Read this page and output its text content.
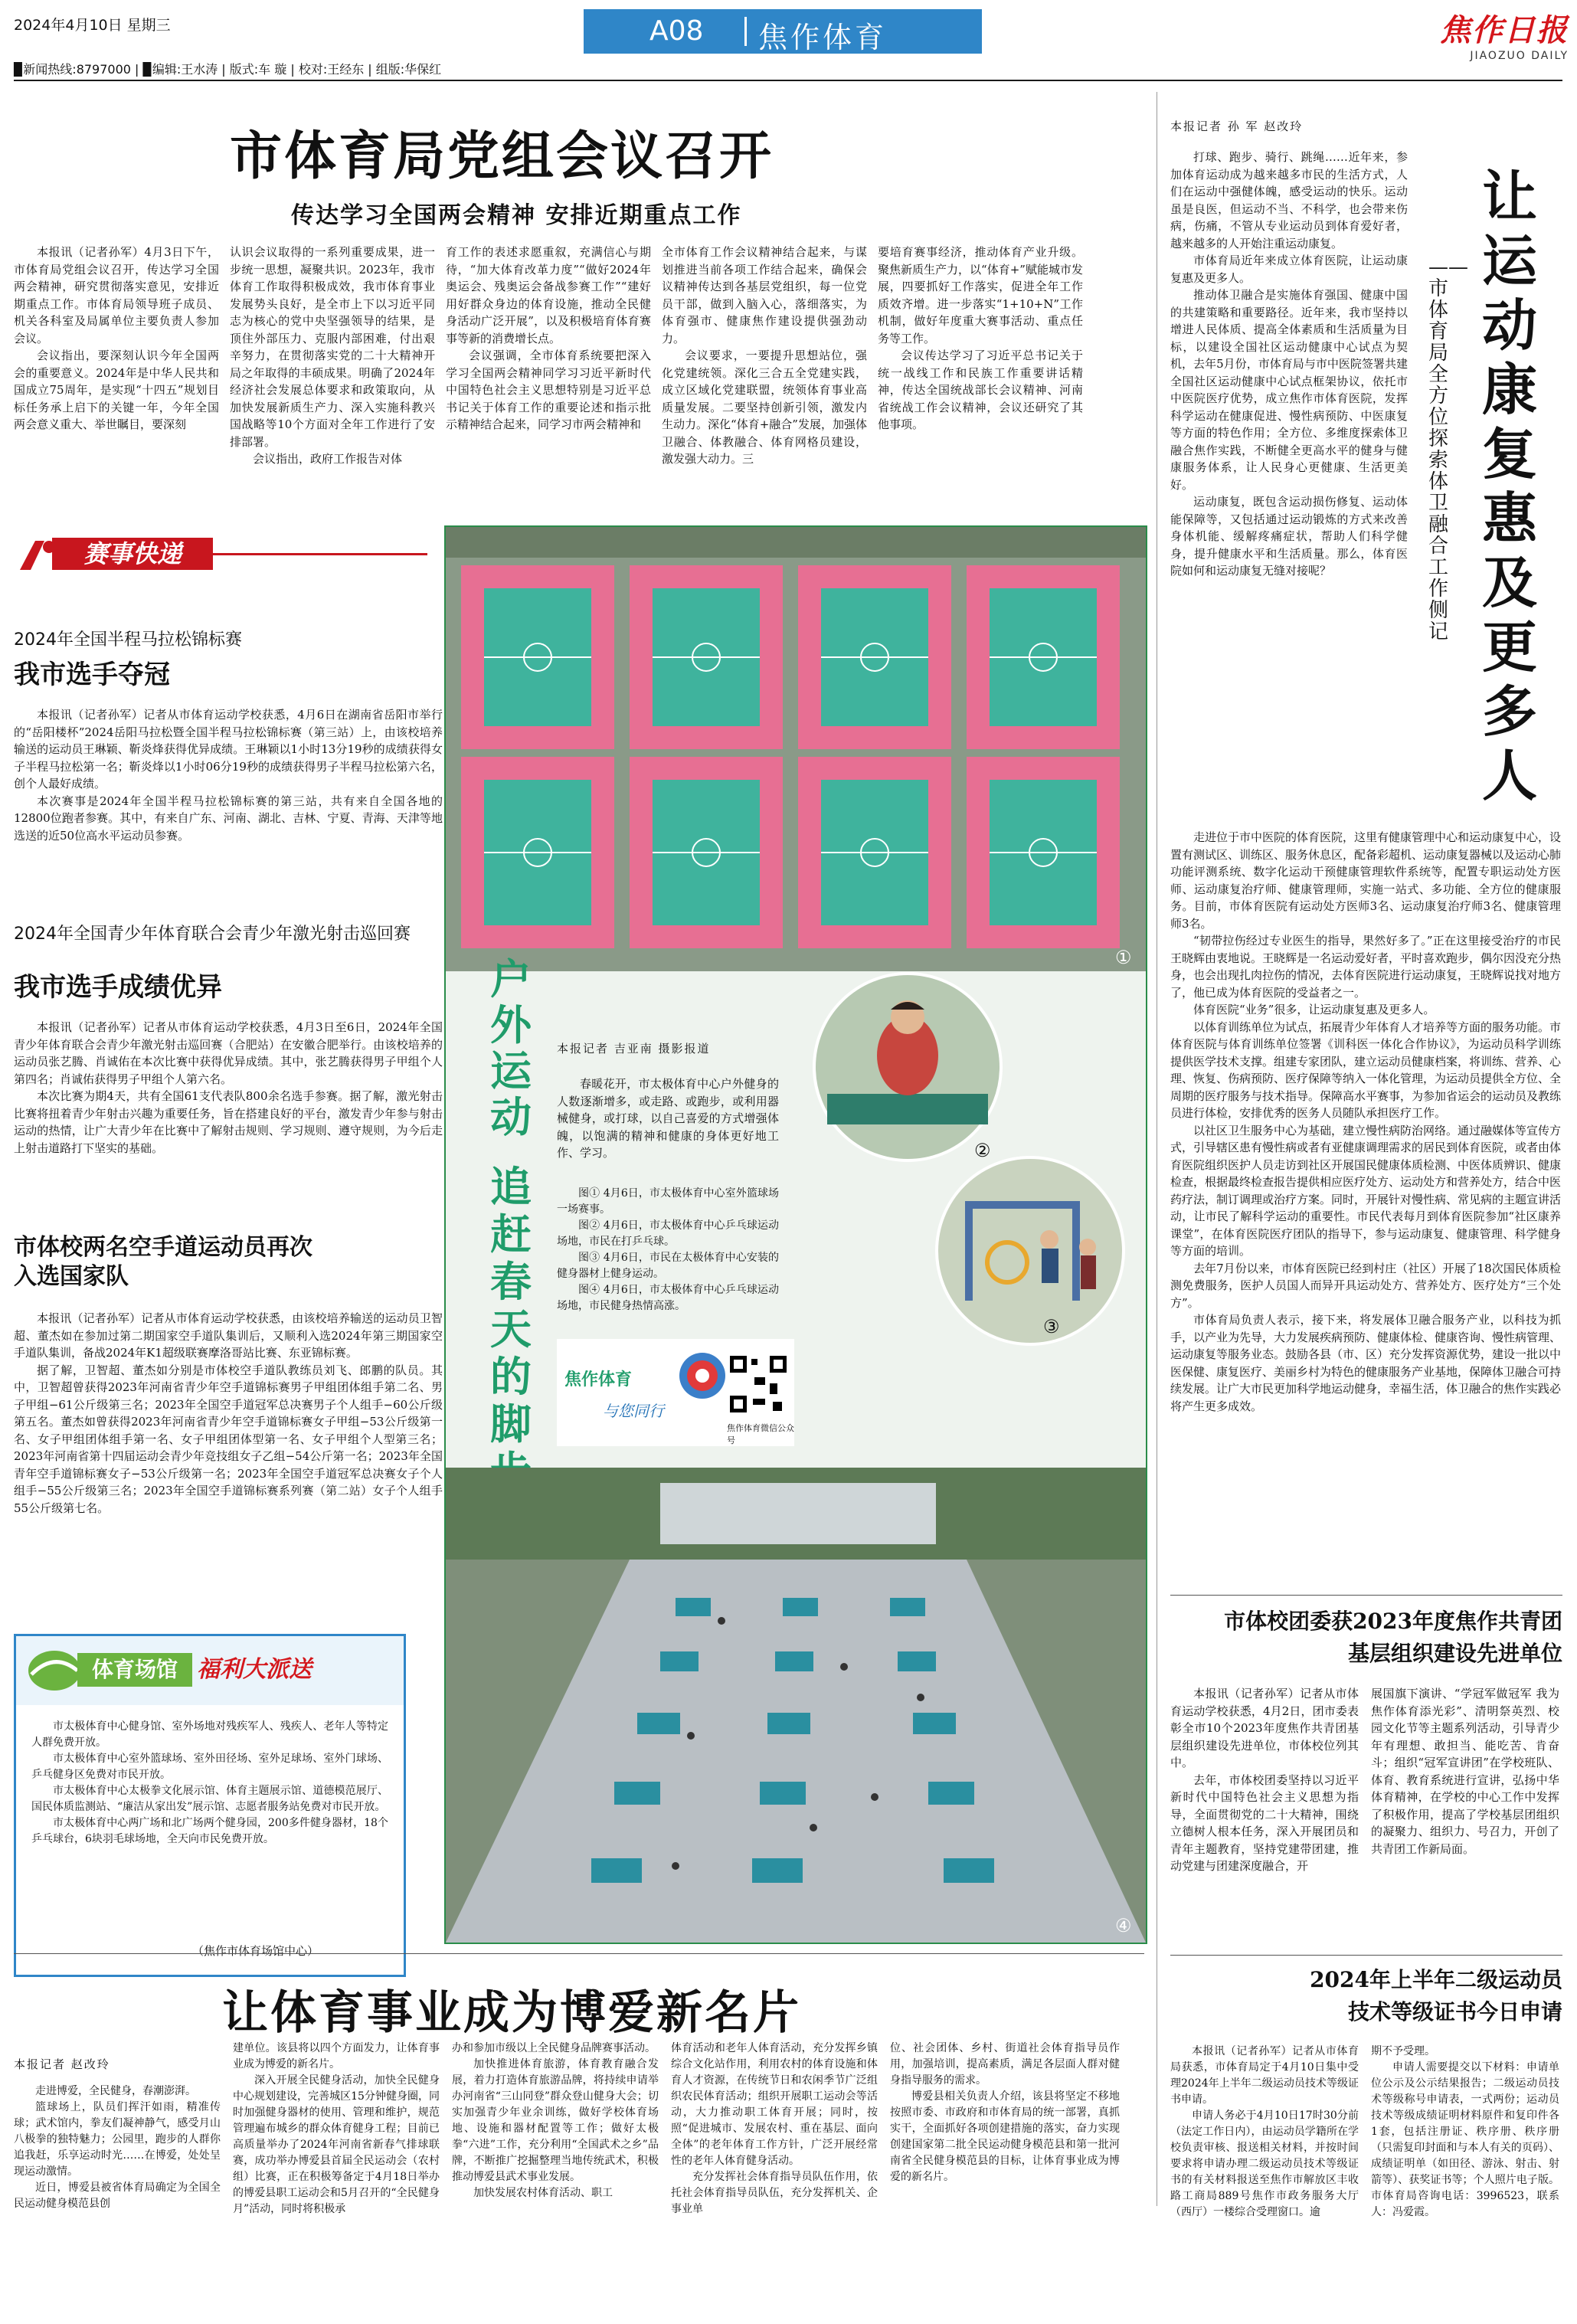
2024年4月10日 星期三	A08 焦作体育	焦作日报
JIAOZUO DAILY
▉新闻热线:8797000 | ▉编辑:王水涛 | 版式:车 璇 | 校对:王经东 | 组版:华保红
市体育局党组会议召开
传达学习全国两会精神 安排近期重点工作

本报讯（记者孙军）4月3日下午，市体育局党组会议召开，传达学习全国两会精神，研究贯彻落实意见，安排近期重点工作。市体育局领导班子成员、机关各科室及局属单位主要负责人参加会议。

会议指出，要深刻认识今年全国两会的重要意义。2024年是中华人民共和国成立75周年，是实现“十四五”规划目标任务承上启下的关键一年，今年全国两会意义重大、举世瞩目，要深刻

认识会议取得的一系列重要成果，进一步统一思想，凝聚共识。2023年，我市体育工作取得积极成效，我市体育事业发展势头良好，是全市上下以习近平同志为核心的党中央坚强领导的结果，是顶住外部压力、克服内部困难，付出艰辛努力，在贯彻落实党的二十大精神开局之年取得的丰硕成果。明确了2024年经济社会发展总体要求和政策取向，从加快发展新质生产力、深入实施科教兴国战略等10个方面对全年工作进行了安排部署。

会议指出，政府工作报告对体

育工作的表述求愿重叙，充满信心与期待，“加大体育改革力度”“做好2024年奥运会、残奥运会备战参赛工作”“建好用好群众身边的体育设施，推动全民健身活动广泛开展”，以及积极培育体育赛事等新的消费增长点。

会议强调，全市体育系统要把深入学习全国两会精神同学习习近平新时代中国特色社会主义思想特别是习近平总书记关于体育工作的重要论述和指示批示精神结合起来，同学习市两会精神和

全市体育工作会议精神结合起来，与谋划推进当前各项工作结合起来，确保会议精神传达到各基层党组织，每一位党员干部，做到入脑入心，落细落实，为体育强市、健康焦作建设提供强劲动力。

会议要求，一要提升思想站位，强化党建统领。深化三合五全党建实践，成立区域化党建联盟，统领体育事业高质量发展。二要坚持创新引领，激发内生动力。深化“体育+融合”发展，加强体卫融合、体教融合、体育网格员建设，激发强大动力。三

要培育赛事经济，推动体育产业升级。聚焦新质生产力，以“体育+”赋能城市发展，四要抓好工作落实，促进全年工作质效齐增。进一步落实“1+10+N”工作机制，做好年度重大赛事活动、重点任务等工作。

会议传达学习了习近平总书记关于统一战线工作和民族工作重要讲话精神，传达全国统战部长会议精神、河南省统战工作会议精神，会议还研究了其他事项。

赛事快递
2024年全国半程马拉松锦标赛
我市选手夺冠

本报讯（记者孙军）记者从市体育运动学校获悉，4月6日在湖南省岳阳市举行的“岳阳楼杯”2024岳阳马拉松暨全国半程马拉松锦标赛（第三站）上，由该校培养输送的运动员王琳颖、靳炎烽获得优异成绩。王琳颖以1小时13分19秒的成绩获得女子半程马拉松第一名；靳炎烽以1小时06分19秒的成绩获得男子半程马拉松第六名，创个人最好成绩。

本次赛事是2024年全国半程马拉松锦标赛的第三站，共有来自全国各地的12800位跑者参赛。其中，有来自广东、河南、湖北、吉林、宁夏、青海、天津等地选送的近50位高水平运动员参赛。

2024年全国青少年体育联合会青少年激光射击巡回赛
我市选手成绩优异

本报讯（记者孙军）记者从市体育运动学校获悉，4月3日至6日，2024年全国青少年体育联合会青少年激光射击巡回赛（合肥站）在安徽合肥举行。由该校培养的运动员张艺腾、肖诚佑在本次比赛中获得优异成绩。其中，张艺腾获得男子甲组个人第四名；肖诚佑获得男子甲组个人第六名。

本次比赛为期4天，共有全国61支代表队800余名选手参赛。据了解，激光射击比赛将扭着青少年射击兴趣为重要任务，旨在搭建良好的平台，激发青少年参与射击运动的热情，让广大青少年在比赛中了解射击规则、学习规则、遵守规则，为今后走上射击道路打下坚实的基础。

市体校两名空手道运动员再次入选国家队

本报讯（记者孙军）记者从市体育运动学校获悉，由该校培养输送的运动员卫智超、董杰如在参加过第二期国家空手道队集训后，又顺利入选2024年第三期国家空手道队集训，备战2024年K1超级联赛摩洛哥站比赛、东亚锦标赛。

据了解，卫智超、董杰如分别是市体校空手道队教练员刘飞、郎鹏的队员。其中，卫智超曾获得2023年河南省青少年空手道锦标赛男子甲组团体组手第二名、男子甲组−61公斤级第三名；2023年全国空手道冠军总决赛男子个人组手−60公斤级第五名。董杰如曾获得2023年河南省青少年空手道锦标赛女子甲组−53公斤级第一名、女子甲组团体组手第一名、女子甲组团体型第一名、女子甲组个人型第三名；2023年河南省第十四届运动会青少年竞技组女子乙组−54公斤第一名；2023年全国青年空手道锦标赛女子−53公斤级第一名；2023年全国空手道冠军总决赛女子个人组手−55公斤级第三名；2023年全国空手道锦标赛系列赛（第二站）女子个人组手55公斤级第七名。

体育场馆 福利大派送

市太极体育中心健身馆、室外场地对残疾军人、残疾人、老年人等特定人群免费开放。

市太极体育中心室外篮球场、室外田径场、室外足球场、室外门球场、乒乓健身区免费对市民开放。

市太极体育中心太极拳文化展示馆、体育主题展示馆、道德模范展厅、国民体质监测站、“廉洁从家出发”展示馆、志愿者服务站免费对市民开放。

市太极体育中心两广场和北广场两个健身园，200多件健身器材，18个乒乓球台，6块羽毛球场地，全天向市民免费开放。

（焦作市体育场馆中心）
①
户外运动
追赶春天的脚
本报记者 吉亚南 摄影报道

春暖花开，市太极体育中心户外健身的人数逐渐增多，或走路、或跑步，或利用器械健身，或打球，以自己喜爱的方式增强体魄，以饱满的精神和健康的身体更好地工作、学习。

图① 4月6日，市太极体育中心室外篮球场一场赛事。

图② 4月6日，市太极体育中心乒乓球运动场地，市民在打乒乓球。

图③ 4月6日，市民在太极体育中心安装的健身器材上健身运动。

图④ 4月6日，市太极体育中心乒乓球运动场地，市民健身热情高涨。

焦作体育
与您同行
焦作体育微信公众号
②
③
④
本报记者 孙 军 赵改玲
让运动康复惠及更多人
——市体育局全方位探索体卫融合工作侧记

打球、跑步、骑行、跳绳……近年来，参加体育运动成为越来越多市民的生活方式，人们在运动中强健体魄，感受运动的快乐。运动虽是良医，但运动不当、不科学，也会带来伤病，伤痛，不管从专业运动员到体育爱好者，越来越多的人开始注重运动康复。

市体育局近年来成立体育医院，让运动康复惠及更多人。

推动体卫融合是实施体育强国、健康中国的共建策略和重要路径。近年来，我市坚持以增进人民体质、提高全体素质和生活质量为目标，以建设全国社区运动健康中心试点为契机，去年5月份，市体育局与市中医院签署共建全国社区运动健康中心试点框架协议，依托市中医院医疗优势，成立焦作市体育医院，发挥科学运动在健康促进、慢性病预防、中医康复等方面的特色作用；全方位、多维度探索体卫融合焦作实践，不断健全更高水平的健身与健康服务体系，让人民身心更健康、生活更美好。

运动康复，既包含运动损伤修复、运动体能保障等，又包括通过运动锻炼的方式来改善身体机能、缓解疼痛症状，帮助人们科学健身，提升健康水平和生活质量。那么，体育医院如何和运动康复无缝对接呢？

走进位于市中医院的体育医院，这里有健康管理中心和运动康复中心，设置有测试区、训练区、服务休息区，配备彩超机、运动康复器械以及运动心肺功能评测系统、数字化运动干预健康管理软件系统等，配置专职运动处方医师、运动康复治疗师、健康管理师，实施一站式、多功能、全方位的健康服务。目前，市体育医院有运动处方医师3名、运动康复治疗师3名、健康管理师3名。

“韧带拉伤经过专业医生的指导，果然好多了。”正在这里接受治疗的市民王晓辉由衷地说。王晓辉是一名运动爱好者，平时喜欢跑步，偶尔因没充分热身，也会出现扎肉拉伤的情况，去体育医院进行运动康复，王晓辉说找对地方了，他已成为体育医院的受益者之一。

体育医院“业务”很多，让运动康复惠及更多人。

以体育训练单位为试点，拓展青少年体育人才培养等方面的服务功能。市体育医院与体育训练单位签署《训科医一体化合作协议》，为运动员科学训练提供医学技术支撑。组建专家团队，建立运动员健康档案，将训练、营养、心理、恢复、伤病预防、医疗保障等纳入一体化管理，为运动员提供全方位、全周期的医疗服务与技术指导。保障高水平赛事，为参加省运会的运动员及教练员进行体检，安排优秀的医务人员随队承担医疗工作。

以社区卫生服务中心为基础，建立慢性病防治网络。通过融媒体等宣传方式，引导辖区患有慢性病或者有亚健康调理需求的居民到体育医院，或者由体育医院组织医护人员走访到社区开展国民健康体质检测、中医体质辨识、健康检查，根据最终检查报告提供相应医疗处方、运动处方和营养处方，结合中医药疗法，制订调理或治疗方案。同时，开展针对慢性病、常见病的主题宣讲活动，让市民了解科学运动的重要性。市民代表每月到体育医院参加“社区康养课堂”，在体育医院医疗团队的指导下，参与运动康复、健康管理、科学健身等方面的培训。

去年7月份以来，市体育医院已经到村庄（社区）开展了18次国民体质检测免费服务，医护人员国人而异开具运动处方、营养处方、医疗处方“三个处方”。

市体育局负责人表示，接下来，将发展体卫融合服务产业，以科技为抓手，以产业为先导，大力发展疾病预防、健康体检、健康咨询、慢性病管理、运动康复等服务业态。鼓励各县（市、区）充分发挥资源优势，建设一批以中医保健、康复医疗、美丽乡村为特色的健康服务产业基地，保障体卫融合可持续发展。让广大市民更加科学地运动健身，幸福生活，体卫融合的焦作实践必将产生更多成效。

市体校团委获2023年度焦作共青团
基层组织建设先进单位

本报讯（记者孙军）记者从市体育运动学校获悉，4月2日，团市委表彰全市10个2023年度焦作共青团基层组织建设先进单位，市体校位列其中。

去年，市体校团委坚持以习近平新时代中国特色社会主义思想为指导，全面贯彻党的二十大精神，围绕立德树人根本任务，深入开展团员和青年主题教育，坚持党建带团建，推动党建与团建深度融合，开

展国旗下演讲、“学冠军做冠军 我为焦作体育添光彩”、清明祭英烈、校园文化节等主题系列活动，引导青少年有理想、敢担当、能吃苦、肯奋斗；组织“冠军宣讲团”在学校班队、体育、教育系统进行宣讲，弘扬中华体育精神，在学校的中心工作中发挥了积极作用，提高了学校基层团组织的凝聚力、组织力、号召力，开创了共青团工作新局面。

2024年上半年二级运动员
技术等级证书今日申请

本报讯（记者孙军）记者从市体育局获悉，市体育局定于4月10日集中受理2024年上半年二级运动员技术等级证书申请。

申请人务必于4月10日17时30分前（法定工作日内），由运动员学籍所在学校负责审核、报送相关材料，并按时间要求将申请办理二级运动员技术等级证书的有关材料报送至焦作市解放区丰收路工商局889号焦作市政务服务大厅（西厅）一楼综合受理窗口。逾

期不予受理。

申请人需要提交以下材料：申请单位公示及公示结果报告；二级运动员技术等级称号申请表，一式两份；运动员技术等级成绩证明材料原件和复印件各1套，包括注册证、秩序册、秩序册（只需复印封面和与本人有关的页码）、成绩证明单（如田径、游泳、射击、射箭等）、获奖证书等；个人照片电子版。市体育局咨询电话：3996523，联系人：冯爱霞。

让体育事业成为博爱新名片
本报记者 赵改玲

走进博爱，全民健身，春潮澎湃。

篮球场上，队员们挥汗如雨，精准传球；武术馆内，拳友们凝神静气，感受月山八极拳的独特魅力；公园里，跑步的人群你追我赶，乐享运动时光……在博爱，处处呈现运动激情。

近日，博爱县被省体育局确定为全国全民运动健身模范县创

建单位。该县将以四个方面发力，让体育事业成为博爱的新名片。

深入开展全民健身活动，加快全民健身中心规划建设，完善城区15分钟健身圈，同时加强健身器材的使用、管理和维护，规范管理遍布城乡的群众体育健身工程；目前已高质量举办了2024年河南省新春气排球联赛，成功举办博爱县首届全民运动会（农村组）比赛，正在积极筹备定于4月18日举办的博爱县职工运动会和5月召开的“全民健身月”活动，同时将积极承

办和参加市级以上全民健身品牌赛事活动。

加快推进体育旅游，体育教育融合发展，着力打造体育旅游品牌，将持续申请举办河南省“三山同登”群众登山健身大会；切实加强青少年业余训练，做好学校体育场地、设施和器材配置等工作；做好太极拳“六进”工作，充分利用“全国武术之乡”品牌，不断推广挖掘整理当地传统武术，积极推动博爱县武术事业发展。

加快发展农村体育活动、职工

体育活动和老年人体育活动，充分发挥乡镇综合文化站作用，利用农村的体育设施和体育人才资源，在传统节日和农闲季节广泛组织农民体育活动；组织开展职工运动会等活动，大力推动职工体育开展；同时，按照“促进城市、发展农村、重在基层、面向全体”的老年体育工作方针，广泛开展经常性的老年人体育健身活动。

充分发挥社会体育指导员队伍作用，依托社会体育指导员队伍，充分发挥机关、企事业单

位、社会团体、乡村、街道社会体育指导员作用，加强培训，提高素质，满足各层面人群对健身指导服务的需求。

博爱县相关负责人介绍，该县将坚定不移地按照市委、市政府和市体育局的统一部署，真抓实干，全面抓好各项创建措施的落实，奋力实现创建国家第二批全民运动健身模范县和第一批河南省全民健身模范县的目标，让体育事业成为博爱的新名片。
